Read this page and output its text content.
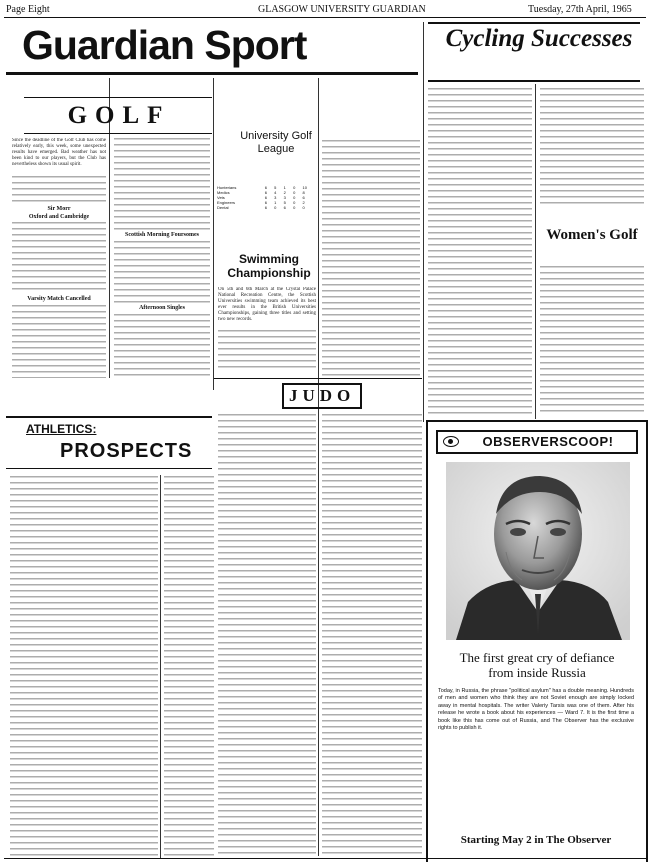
Page Eight	GLASGOW UNIVERSITY GUARDIAN	Tuesday, 27th April, 1965
Guardian Sport	Cycling Successes
GOLF
Since the deadline of the Golf Club has come relatively early, this week, some unexpected results have emerged. Bad weather has not been kind to our players, but the Club has nevertheless shown its usual spirit.
Sir Morr
Oxford and Cambridge
Varsity Match Cancelled
Scottish Morning Foursomes
Afternoon Singles
University Golf League
Hunterians	6	5	1	0	10
Medics	6	4	2	0	8
Vets	6	3	3	0	6
Engineers	6	1	5	0	2
Dental	6	0	6	0	0
Swimming Championship
On 5th and 6th March at the Crystal Palace National Recreation Centre, the Scottish Universities swimming team achieved its best ever results in the British Universities Championships, gaining three titles and setting two new records.
JUDO
ATHLETICS:
PROSPECTS
Women's Golf
OBSERVERSCOOP!
The first great cry of defiance from inside Russia
Today, in Russia, the phrase "political asylum" has a double meaning. Hundreds of men and women who think they are not Soviet enough are simply locked away in mental hospitals. The writer Valeriy Tarsis was one of them. After his release he wrote a book about his experiences — Ward 7. It is the first time a book like this has come out of Russia, and The Observer has the exclusive rights to publish it.
Starting May 2 in The Observer
